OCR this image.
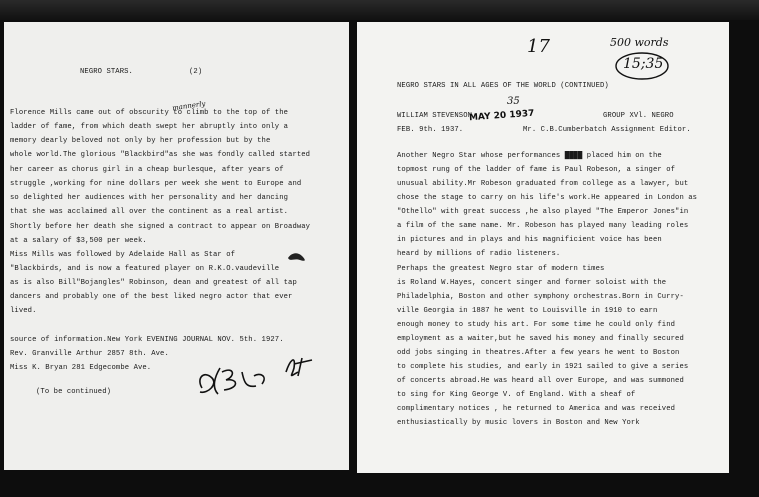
NEGRO STARS.	(2)
mannerly
Florence Mills came out of obscurity to climb to the top of the
ladder of fame, from which death swept her abruptly into only a
memory dearly beloved not only by her profession but by the
whole world.The glorious "Blackbird"as she was fondly called started
her career as chorus girl in a cheap burlesque, after years of
struggle ,working for nine dollars per week she went to Europe and
so delighted her audiences with her personality and her dancing
that she was acclaimed all over the continent as a real artist.
Shortly before her death she signed a contract to appear on Broadway
at a salary of $3,500 per week.
Miss Mills was followed by Adelaide Hall as Star of
"Blackbirds, and is now a featured player on R.K.O.vaudeville
as is also Bill"Bojangles" Robinson, dean and greatest of all tap
dancers and probably one of the best liked negro actor that ever
lived.
source of information.New York EVENING JOURNAL NOV. 5th. 1927.
Rev. Granville Arthur 2857 8th. Ave.
Miss K. Bryan 281 Edgecombe Ave.
(To be continued)
17	500 words
15;35
NEGRO STARS IN ALL AGES OF THE WORLD (CONTINUED)
WILLIAM STEVENSON	GROUP XVl. NEGRO
FEB. 9th. 1937.
35
MAY 20 1937
Mr. C.B.Cumberbatch Assignment Editor.
Another Negro Star whose performances ████ placed him on the
topmost rung of the ladder of fame is Paul Robeson, a singer of
unusual ability.Mr Robeson graduated from college as a lawyer, but
chose the stage to carry on his life's work.He appeared in London as
"Othello" with great success ,he also played "The Emperor Jones"in
a film of the same name. Mr. Robeson has played many leading roles
in pictures and in plays and his magnificient voice has been
heard by millions of radio listeners.
Perhaps the greatest Negro star of modern times
is Roland W.Hayes, concert singer and former soloist with the
Philadelphia, Boston and other symphony orchestras.Born in Curry-
ville Georgia in 1887 he went to Louisville in 1910 to earn
enough money to study his art. For some time he could only find
employment as a waiter,but he saved his money and finally secured
odd jobs singing in theatres.After a few years he went to Boston
to complete his studies, and early in 1921 sailed to give a series
of concerts abroad.He was heard all over Europe, and was summoned
to sing for King George V. of England. With a sheaf of
complimentary notices , he returned to America and was received
enthusiastically by music lovers in Boston and New York
